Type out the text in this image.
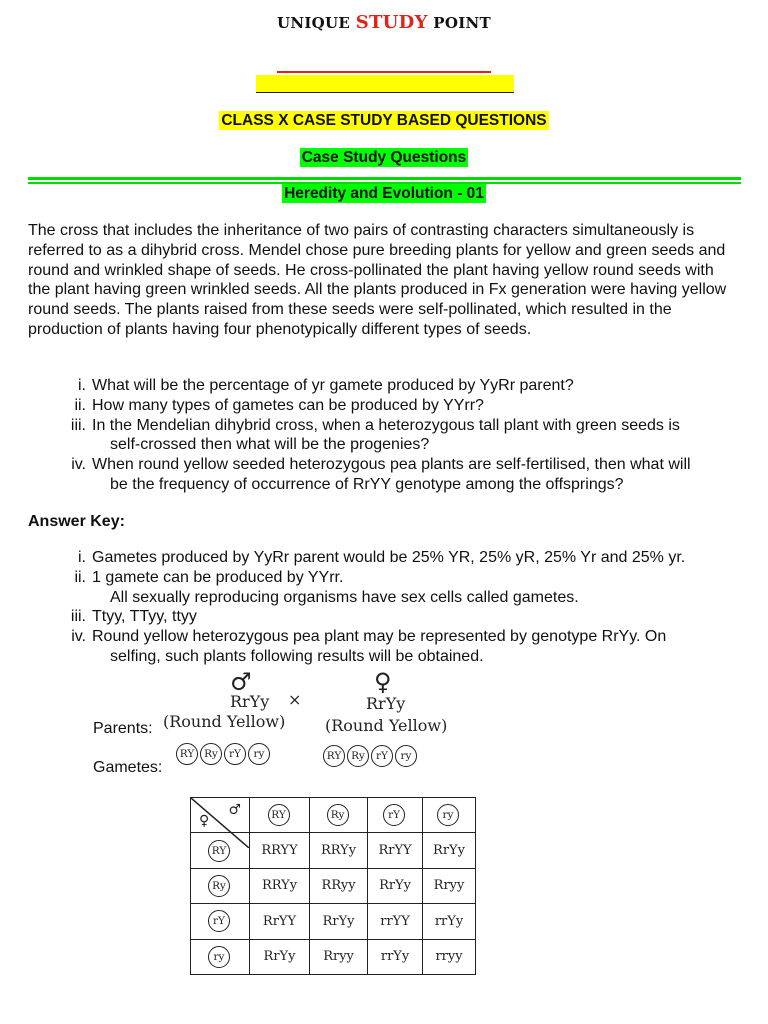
UNIQUE STUDY POINT
CLASS X CASE STUDY BASED QUESTIONS
Case Study Questions
Heredity and Evolution - 01
The cross that includes the inheritance of two pairs of contrasting characters simultaneously is referred to as a dihybrid cross. Mendel chose pure breeding plants for yellow and green seeds and round and wrinkled shape of seeds. He cross-pollinated the plant having yellow round seeds with the plant having green wrinkled seeds. All the plants produced in Fx generation were having yellow round seeds. The plants raised from these seeds were self-pollinated, which resulted in the production of plants having four phenotypically different types of seeds.
i. What will be the percentage of yr gamete produced by YyRr parent?
ii. How many types of gametes can be produced by YYrr?
iii. In the Mendelian dihybrid cross, when a heterozygous tall plant with green seeds is
self-crossed then what will be the progenies?
iv. When round yellow seeded heterozygous pea plants are self-fertilised, then what will
be the frequency of occurrence of RrYY genotype among the offsprings?
Answer Key:
i. Gametes produced by YyRr parent would be 25% YR, 25% yR, 25% Yr and 25% yr.
ii. 1 gamete can be produced by YYrr.
All sexually reproducing organisms have sex cells called gametes.
iii. Ttyy, TTyy, ttyy
iv. Round yellow heterozygous pea plant may be represented by genotype RrYy. On
selfing, such plants following results will be obtained.
♂	♀
RrYy ×	RrYy
(Round Yellow) (Round Yellow)
Parents:
Gametes:
RY Ry rY ry	RY Ry rY ry
♂
♀	RY	Ry	rY	ry
RY	RRYY	RRYy	RrYY	RrYy
Ry	RRYy	RRyy	RrYy	Rryy
rY	RrYY	RrYy	rrYY	rrYy
ry	RrYy	Rryy	rrYy	rryy
